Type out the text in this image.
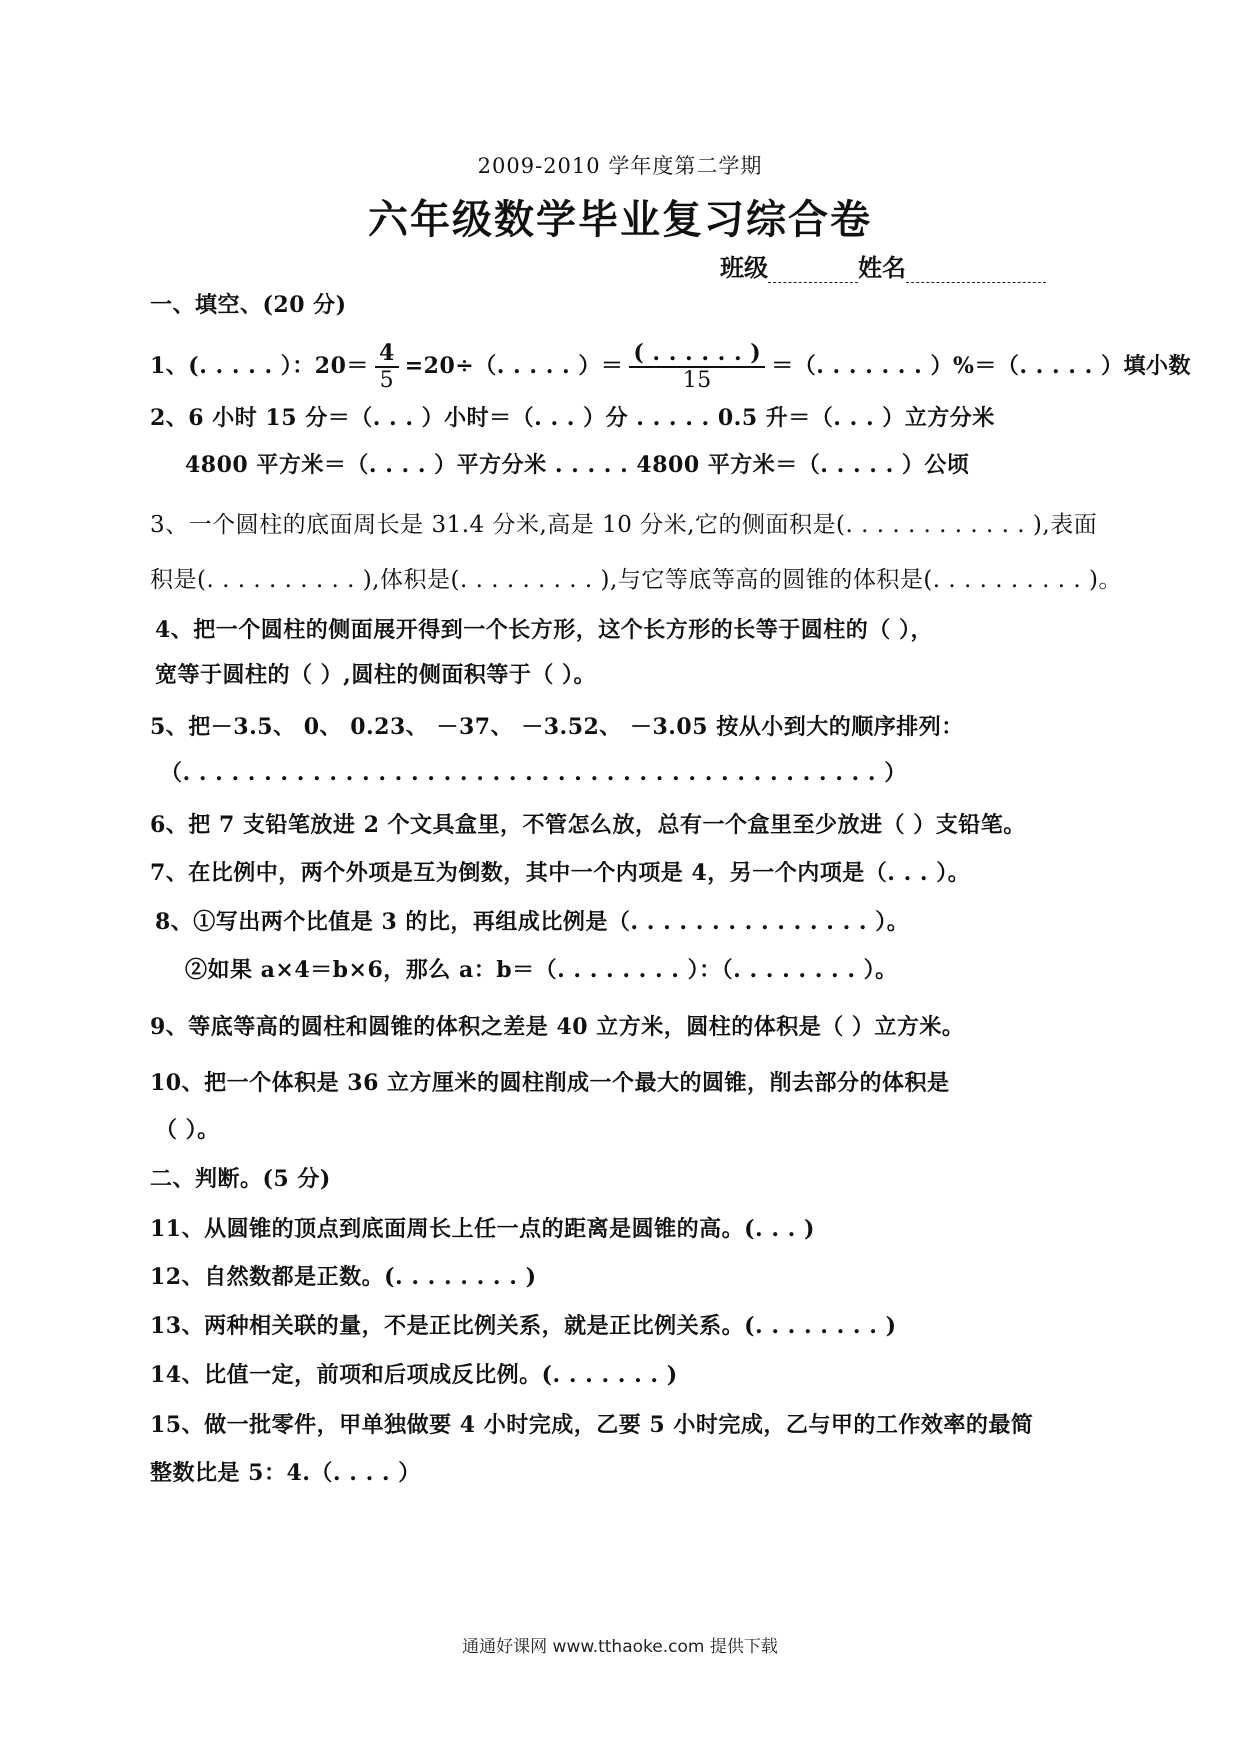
2009-2010 学年度第二学期
六年级数学毕业复习综合卷
班级	姓名
一、填空、(20 分)
1、(. . . . . ）：$20= \frac{4}{5} =20\div$（. . . . . ）＝ $\frac{( . . . . . . )}{15}$ ＝（. . . . . . . ）%＝（. . . . . ）填小数
2、6 小时 15 分＝（. . . ）小时＝（. . . ）分 . . . . . 0.5 升＝（. . . ）立方分米
4800 平方米＝（. . . . ）平方分米 . . . . . 4800 平方米＝（. . . . . ）公顷
3、一个圆柱的底面周长是 31.4 分米,高是 10 分米,它的侧面积是(. . . . . . . . . . . . ),表面
积是(. . . . . . . . . . ),体积是(. . . . . . . . . ),与它等底等高的圆锥的体积是(. . . . . . . . . . )。
4、把一个圆柱的侧面展开得到一个长方形，这个长方形的长等于圆柱的（ ），
宽等于圆柱的（ ）,圆柱的侧面积等于（ ）。
5、把－3.5、 0、 0.23、 －37、 －3.52、 －3.05 按从小到大的顺序排列：
（. . . . . . . . . . . . . . . . . . . . . . . . . . . . . . . . . . . . . . . . . . . ）
6、把 7 支铅笔放进 2 个文具盒里，不管怎么放，总有一个盒里至少放进（ ）支铅笔。
7、在比例中，两个外项是互为倒数，其中一个内项是 4，另一个内项是（. . . ）。
8、①写出两个比值是 3 的比，再组成比例是（. . . . . . . . . . . . . . . ）。
②如果 a×4＝b×6，那么 a：b＝（. . . . . . . . ）：（. . . . . . . . ）。
9、等底等高的圆柱和圆锥的体积之差是 40 立方米，圆柱的体积是（ ）立方米。
10、把一个体积是 36 立方厘米的圆柱削成一个最大的圆锥，削去部分的体积是
（ ）。
二、判断。(5 分)
11、从圆锥的顶点到底面周长上任一点的距离是圆锥的高。(. . . )
12、自然数都是正数。(. . . . . . . . )
13、两种相关联的量，不是正比例关系，就是正比例关系。(. . . . . . . . )
14、比值一定，前项和后项成反比例。(. . . . . . . )
15、做一批零件，甲单独做要 4 小时完成，乙要 5 小时完成，乙与甲的工作效率的最简
整数比是 5：4.（. . . . ）
通通好课网 www.tthaoke.com 提供下载
